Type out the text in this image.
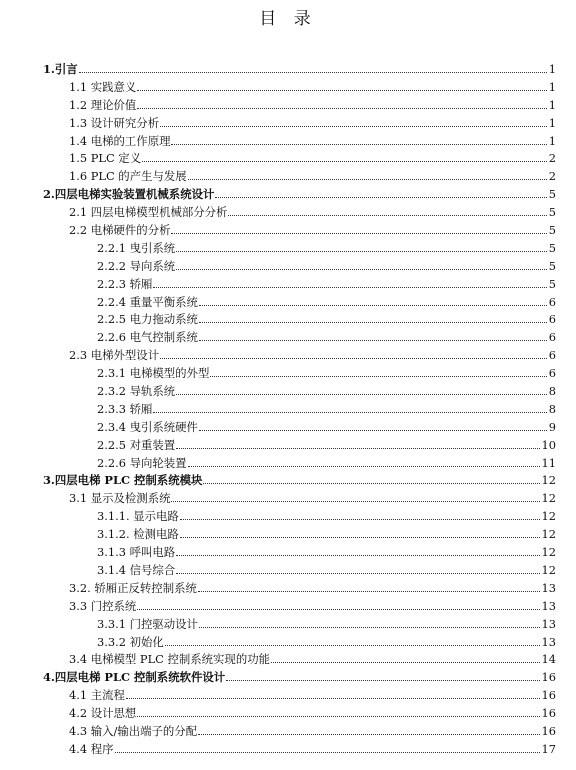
目 录
1.引言	1
1.1 实践意义	1
1.2 理论价值	1
1.3 设计研究分析	1
1.4 电梯的工作原理	1
1.5 PLC 定义	2
1.6 PLC 的产生与发展	2
2.四层电梯实验装置机械系统设计	5
2.1 四层电梯模型机械部分分析	5
2.2 电梯硬件的分析	5
2.2.1 曳引系统	5
2.2.2 导向系统	5
2.2.3 轿厢	5
2.2.4 重量平衡系统	6
2.2.5 电力拖动系统	6
2.2.6 电气控制系统	6
2.3 电梯外型设计	6
2.3.1 电梯模型的外型	6
2.3.2 导轨系统	8
2.3.3 轿厢	8
2.3.4 曳引系统硬件	9
2.2.5 对重装置	10
2.2.6 导向轮装置	11
3.四层电梯 PLC 控制系统模块	12
3.1 显示及检测系统	12
3.1.1. 显示电路	12
3.1.2. 检测电路	12
3.1.3 呼叫电路	12
3.1.4 信号综合	12
3.2. 轿厢正反转控制系统	13
3.3 门控系统	13
3.3.1 门控驱动设计	13
3.3.2 初始化	13
3.4 电梯模型 PLC 控制系统实现的功能	14
4.四层电梯 PLC 控制系统软件设计	16
4.1 主流程	16
4.2 设计思想	16
4.3 输入/输出端子的分配	16
4.4 程序	17
